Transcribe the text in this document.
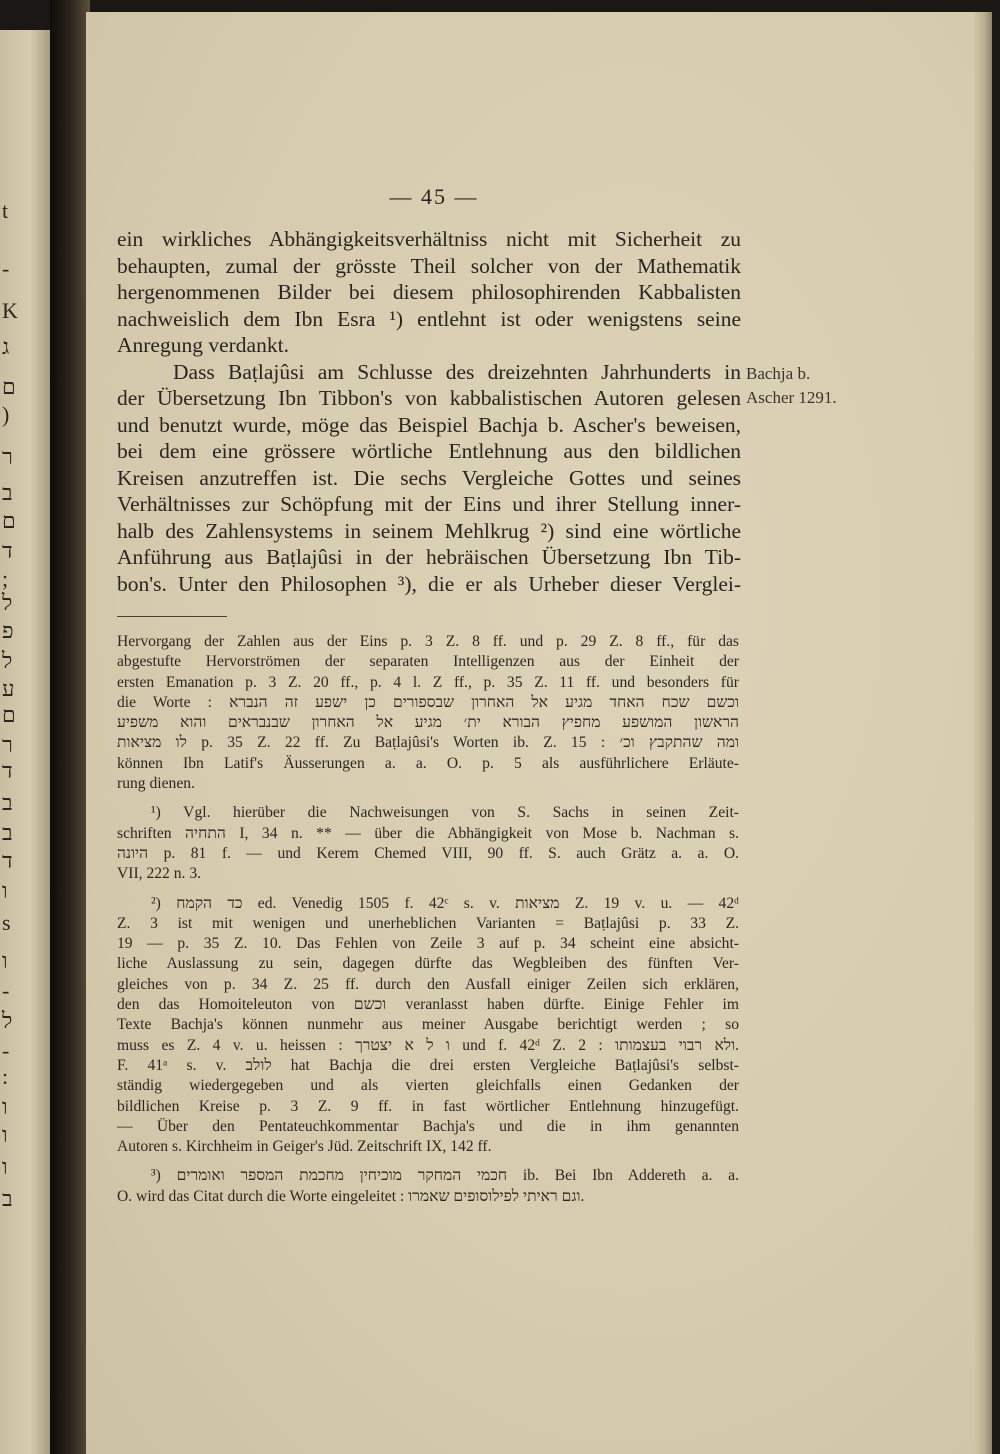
t
-
K
ג
ם
)
ר
ב
ם
ד
;
ל
פ
ל
ע
ם
ר
ד
ב
ב
ד
ו
s
ו
-
ל
-
:
ו
ו
ו
ב
— 45 —
ein wirkliches Abhängigkeitsverhältniss nicht mit Sicherheit zu
behaupten, zumal der grösste Theil solcher von der Mathematik
hergenommenen Bilder bei diesem philosophirenden Kabbalisten
nachweislich dem Ibn Esra ¹) entlehnt ist oder wenigstens seine
Anregung verdankt.
Dass Baṭlajûsi am Schlusse des dreizehnten Jahrhunderts in
der Übersetzung Ibn Tibbon's von kabbalistischen Autoren gelesen
und benutzt wurde, möge das Beispiel Bachja b. Ascher's beweisen,
bei dem eine grössere wörtliche Entlehnung aus den bildlichen
Kreisen anzutreffen ist. Die sechs Vergleiche Gottes und seines
Verhältnisses zur Schöpfung mit der Eins und ihrer Stellung inner-
halb des Zahlensystems in seinem Mehlkrug ²) sind eine wörtliche
Anführung aus Baṭlajûsi in der hebräischen Übersetzung Ibn Tib-
bon's. Unter den Philosophen ³), die er als Urheber dieser Verglei-
Bachja b.
Ascher 1291.
Hervorgang der Zahlen aus der Eins p. 3 Z. 8 ff. und p. 29 Z. 8 ff., für das
abgestufte Hervorströmen der separaten Intelligenzen aus der Einheit der
ersten Emanation p. 3 Z. 20 ff., p. 4 l. Z ff., p. 35 Z. 11 ff. und besonders für
die Worte : וכשם שכח האחד מגיע אל האחרון שבספורים כן ישפע זה הנברא
הראשון המושפע מחפיץ הבורא ית׳ מגיע אל האחרון שבנבראים והוא משפיע
לו מציאות p. 35 Z. 22 ff. Zu Baṭlajûsi's Worten ib. Z. 15 : ומה שהתקבץ וכ׳
können Ibn Latif's Äusserungen a. a. O. p. 5 als ausführlichere Erläute-
rung dienen.
¹) Vgl. hierüber die Nachweisungen von S. Sachs in seinen Zeit-
schriften התחיה I, 34 n. ** — über die Abhängigkeit von Mose b. Nachman s.
היונה p. 81 f. — und Kerem Chemed VIII, 90 ff. S. auch Grätz a. a. O.
VII, 222 n. 3.
²) כד הקמח ed. Venedig 1505 f. 42ᶜ s. v. מציאות Z. 19 v. u. — 42ᵈ
Z. 3 ist mit wenigen und unerheblichen Varianten = Baṭlajûsi p. 33 Z.
19 — p. 35 Z. 10. Das Fehlen von Zeile 3 auf p. 34 scheint eine absicht-
liche Auslassung zu sein, dagegen dürfte das Wegbleiben des fünften Ver-
gleiches von p. 34 Z. 25 ff. durch den Ausfall einiger Zeilen sich erklären,
den das Homoiteleuton von וכשם veranlasst haben dürfte. Einige Fehler im
Texte Bachja's können nunmehr aus meiner Ausgabe berichtigt werden ; so
muss es Z. 4 v. u. heissen : ו ל א יצטרך und f. 42ᵈ Z. 2 : ולא רבוי בעצמותו.
F. 41ᵃ s. v. לולב hat Bachja die drei ersten Vergleiche Baṭlajûsi's selbst-
ständig wiedergegeben und als vierten gleichfalls einen Gedanken der
bildlichen Kreise p. 3 Z. 9 ff. in fast wörtlicher Entlehnung hinzugefügt.
— Über den Pentateuchkommentar Bachja's und die in ihm genannten
Autoren s. Kirchheim in Geiger's Jüd. Zeitschrift IX, 142 ff.
³) חכמי המחקר מוכיחין מחכמת המספר ואומרים ib. Bei Ibn Addereth a. a.
O. wird das Citat durch die Worte eingeleitet : וגם ראיתי לפילוסופים שאמרו.
